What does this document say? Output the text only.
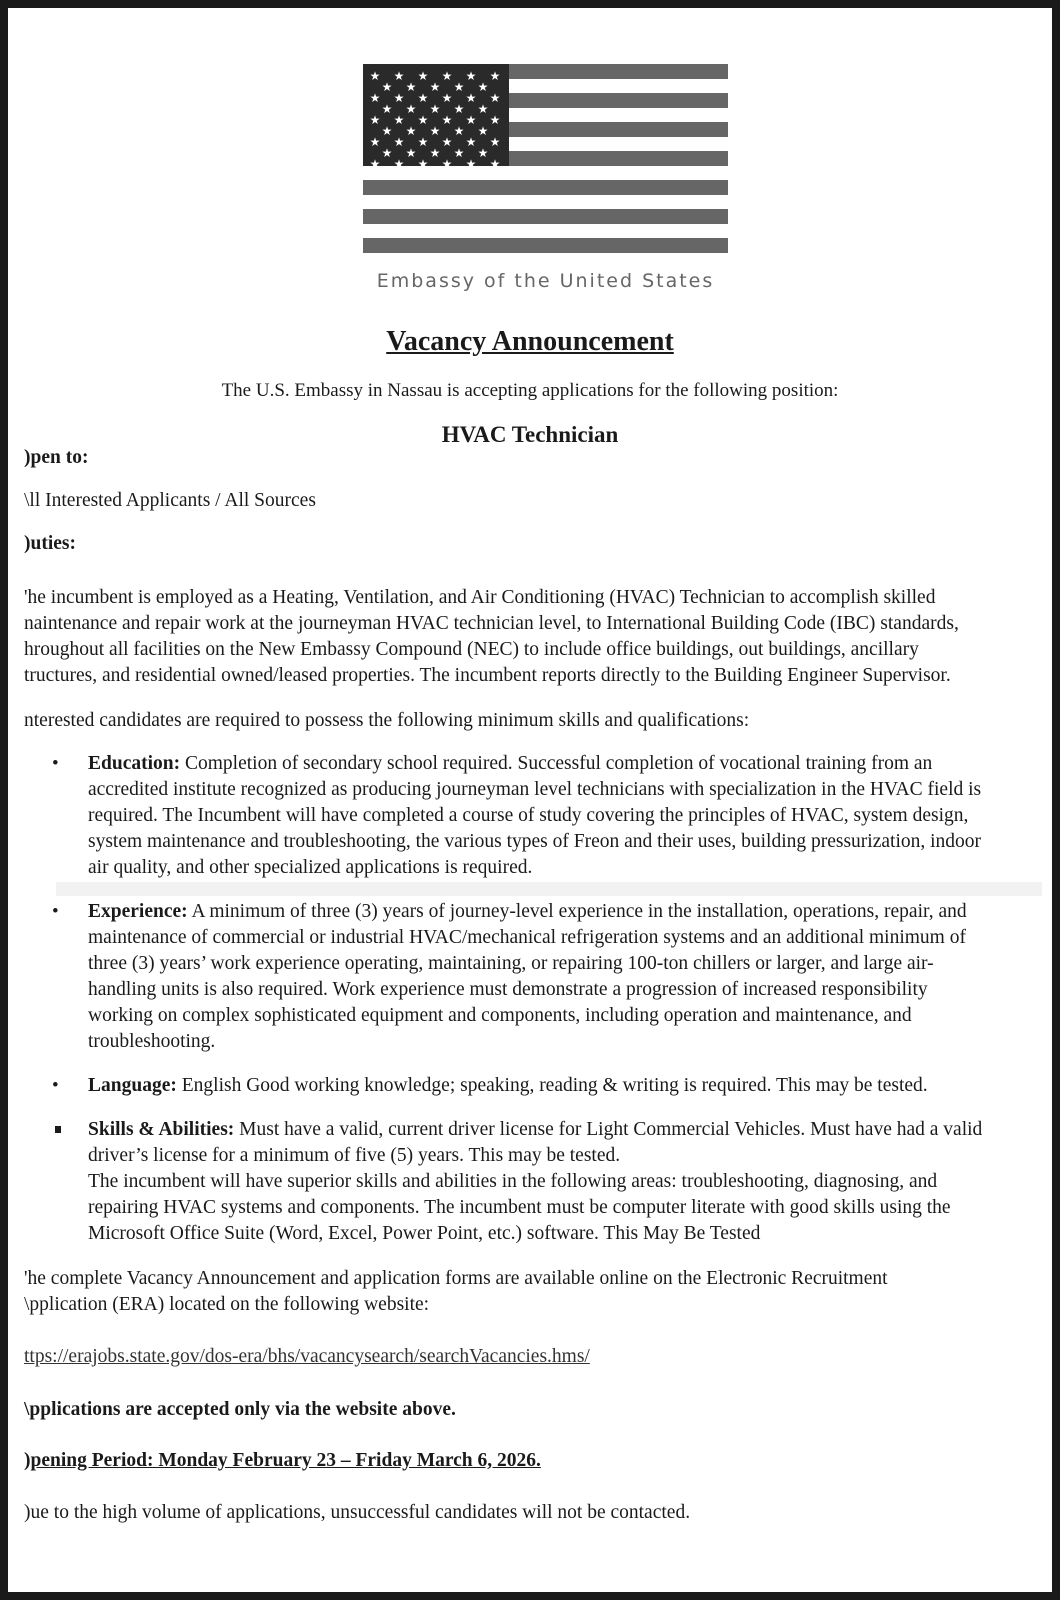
★ ★ ★ ★ ★ ★
★ ★ ★ ★ ★
★ ★ ★ ★ ★ ★
★ ★ ★ ★ ★
★ ★ ★ ★ ★ ★
★ ★ ★ ★ ★
★ ★ ★ ★ ★ ★
★ ★ ★ ★ ★
★ ★ ★ ★ ★ ★
Embassy of the United States
Vacancy Announcement
The U.S. Embassy in Nassau is accepting applications for the following position:
HVAC Technician
)pen to:
\ll Interested Applicants / All Sources
)uties:
'he incumbent is employed as a Heating, Ventilation, and Air Conditioning (HVAC) Technician to accomplish skilled
naintenance and repair work at the journeyman HVAC technician level, to International Building Code (IBC) standards,
hroughout all facilities on the New Embassy Compound (NEC) to include office buildings, out buildings, ancillary
tructures, and residential owned/leased properties. The incumbent reports directly to the Building Engineer Supervisor.
nterested candidates are required to possess the following minimum skills and qualifications:
• Education: Completion of secondary school required. Successful completion of vocational training from an
accredited institute recognized as producing journeyman level technicians with specialization in the HVAC field is
required. The Incumbent will have completed a course of study covering the principles of HVAC, system design,
system maintenance and troubleshooting, the various types of Freon and their uses, building pressurization, indoor
air quality, and other specialized applications is required.
• Experience: A minimum of three (3) years of journey-level experience in the installation, operations, repair, and
maintenance of commercial or industrial HVAC/mechanical refrigeration systems and an additional minimum of
three (3) years’ work experience operating, maintaining, or repairing 100-ton chillers or larger, and large air-
handling units is also required. Work experience must demonstrate a progression of increased responsibility
working on complex sophisticated equipment and components, including operation and maintenance, and
troubleshooting.
• Language: English Good working knowledge; speaking, reading & writing is required. This may be tested.
Skills & Abilities: Must have a valid, current driver license for Light Commercial Vehicles. Must have had a valid
driver’s license for a minimum of five (5) years. This may be tested.
The incumbent will have superior skills and abilities in the following areas: troubleshooting, diagnosing, and
repairing HVAC systems and components. The incumbent must be computer literate with good skills using the
Microsoft Office Suite (Word, Excel, Power Point, etc.) software. This May Be Tested
'he complete Vacancy Announcement and application forms are available online on the Electronic Recruitment
\pplication (ERA) located on the following website:
ttps://erajobs.state.gov/dos-era/bhs/vacancysearch/searchVacancies.hms/
\pplications are accepted only via the website above.
)pening Period: Monday February 23 – Friday March 6, 2026.
)ue to the high volume of applications, unsuccessful candidates will not be contacted.
